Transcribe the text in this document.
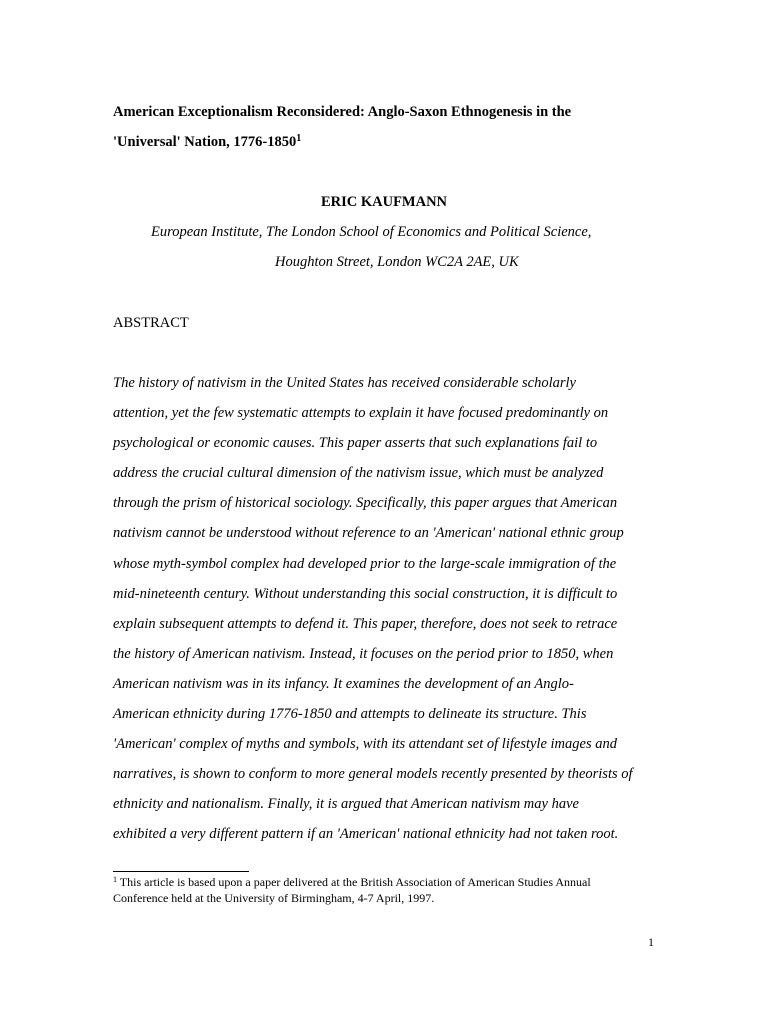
American Exceptionalism Reconsidered: Anglo-Saxon Ethnogenesis in the
'Universal' Nation, 1776-1850$^1$
ERIC KAUFMANN
European Institute, The London School of Economics and Political Science,
Houghton Street, London WC2A 2AE, UK
ABSTRACT
The history of nativism in the United States has received considerable scholarly
attention, yet the few systematic attempts to explain it have focused predominantly on
psychological or economic causes. This paper asserts that such explanations fail to
address the crucial cultural dimension of the nativism issue, which must be analyzed
through the prism of historical sociology. Specifically, this paper argues that American
nativism cannot be understood without reference to an 'American' national ethnic group
whose myth-symbol complex had developed prior to the large-scale immigration of the
mid-nineteenth century. Without understanding this social construction, it is difficult to
explain subsequent attempts to defend it. This paper, therefore, does not seek to retrace
the history of American nativism. Instead, it focuses on the period prior to 1850, when
American nativism was in its infancy. It examines the development of an Anglo-
American ethnicity during 1776-1850 and attempts to delineate its structure. This
'American' complex of myths and symbols, with its attendant set of lifestyle images and
narratives, is shown to conform to more general models recently presented by theorists of
ethnicity and nationalism. Finally, it is argued that American nativism may have
exhibited a very different pattern if an 'American' national ethnicity had not taken root.
$^1$ This article is based upon a paper delivered at the British Association of American Studies Annual
Conference held at the University of Birmingham, 4-7 April, 1997.
1
